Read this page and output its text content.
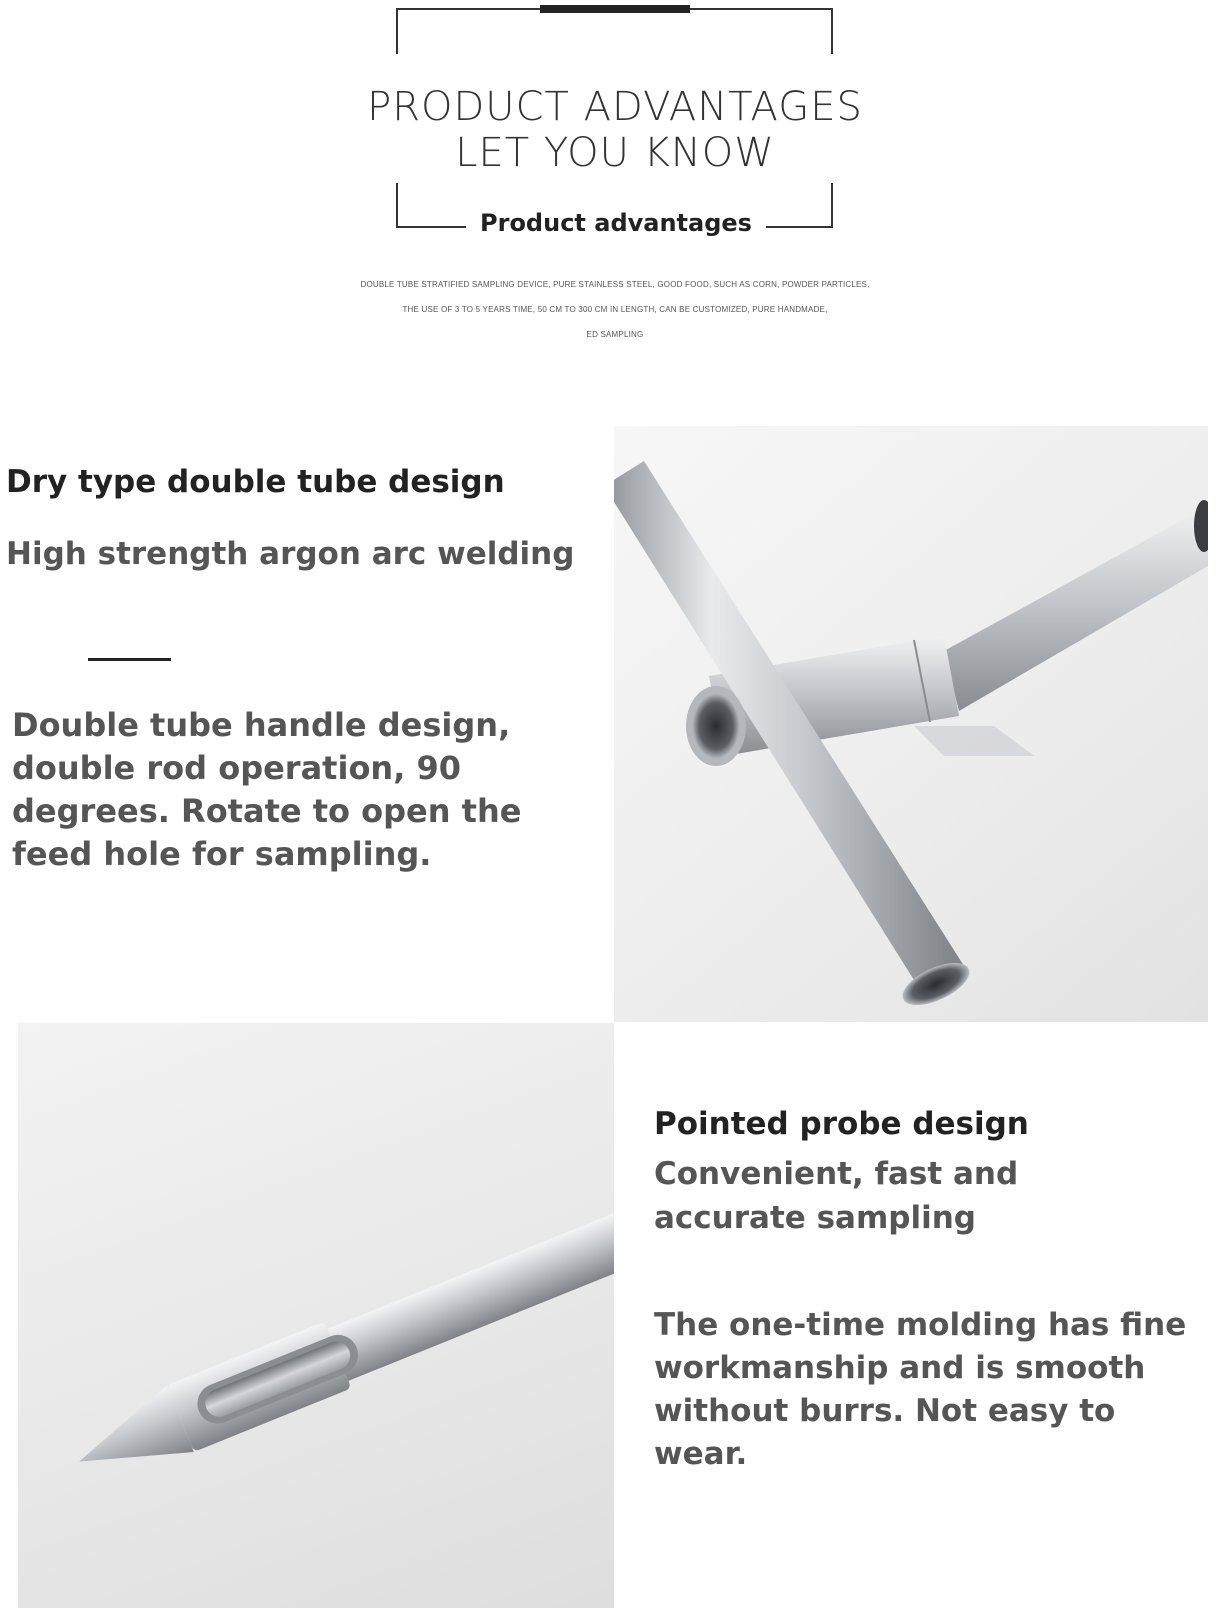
PRODUCT ADVANTAGES
LET YOU KNOW
Product advantages
DOUBLE TUBE STRATIFIED SAMPLING DEVICE, PURE STAINLESS STEEL, GOOD FOOD, SUCH AS CORN, POWDER PARTICLES,
THE USE OF 3 TO 5 YEARS TIME, 50 CM TO 300 CM IN LENGTH, CAN BE CUSTOMIZED, PURE HANDMADE,
ED SAMPLING
Dry type double tube design
High strength argon arc welding
Double tube handle design, double rod operation, 90 degrees. Rotate to open the feed hole for sampling.
Pointed probe design
Convenient, fast and accurate sampling
The one-time molding has fine workmanship and is smooth without burrs. Not easy to wear.
